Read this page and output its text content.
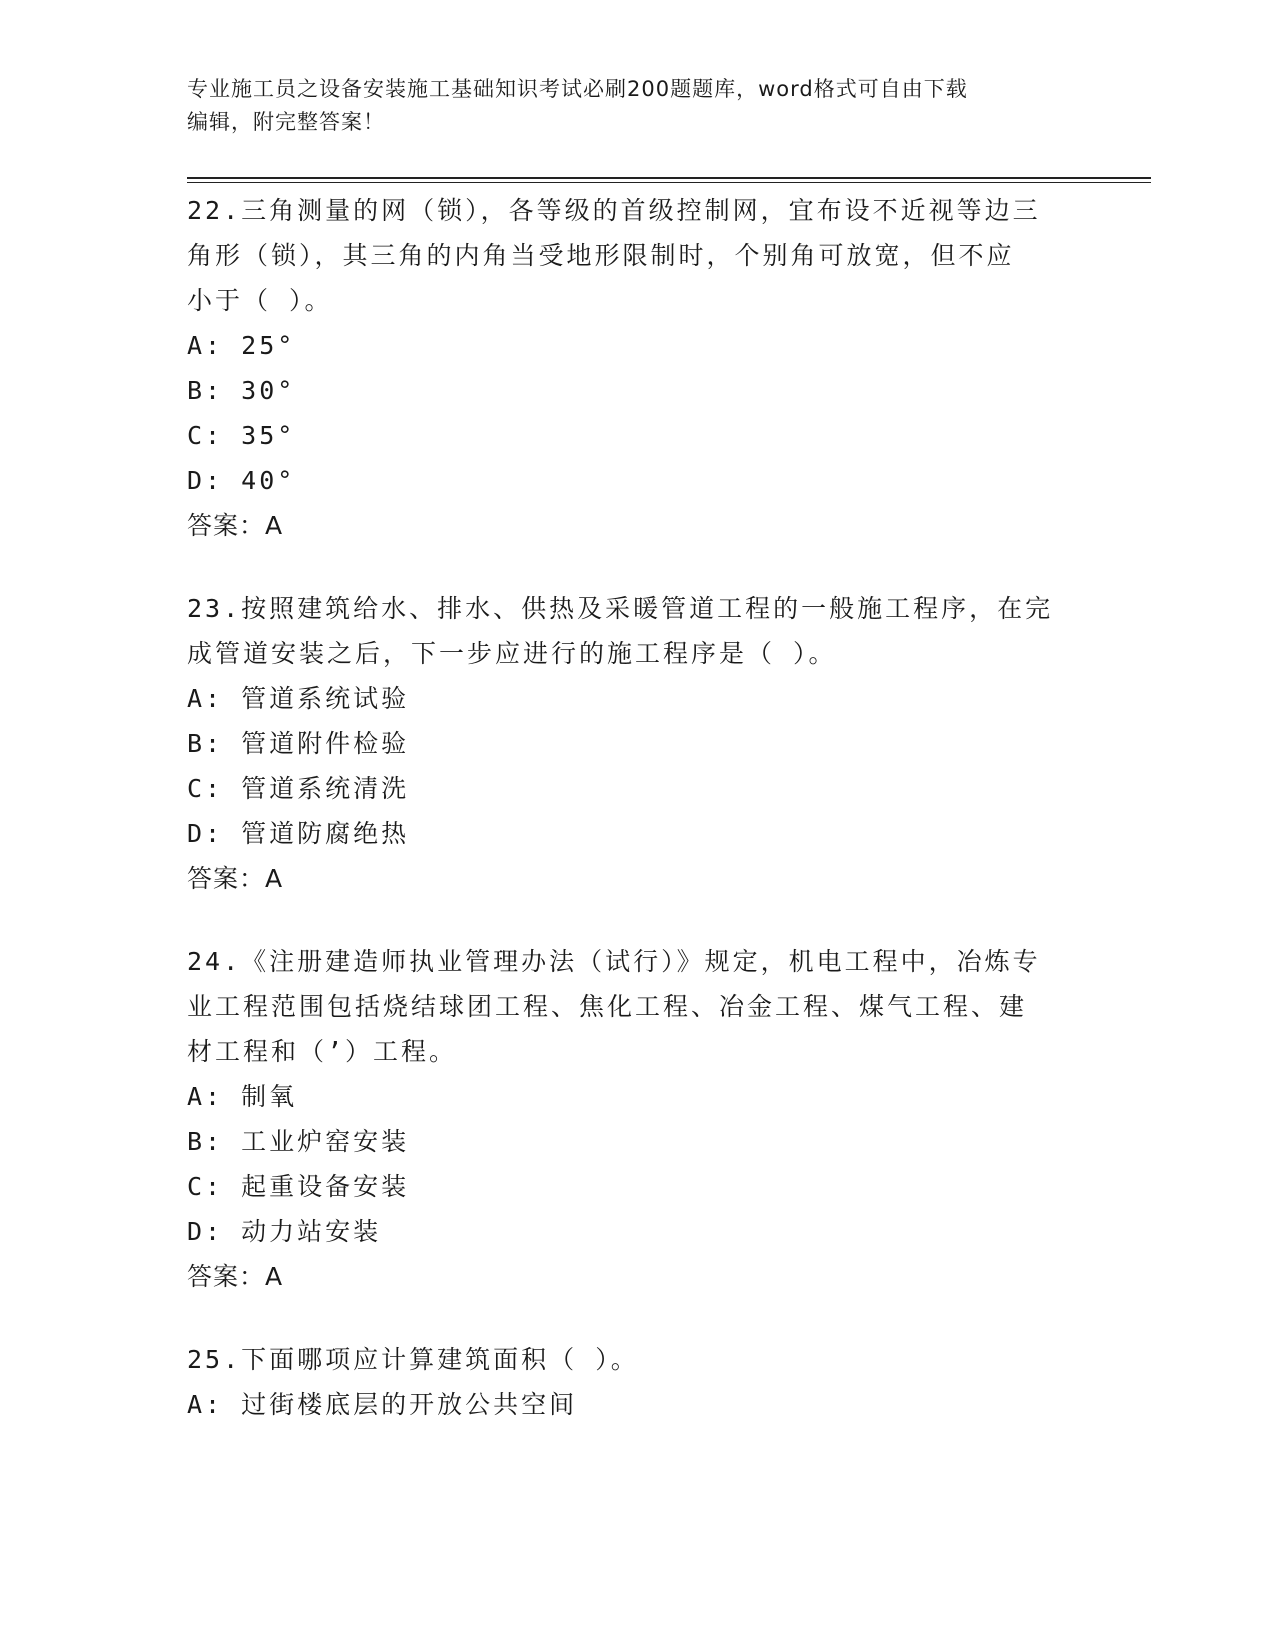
专业施工员之设备安装施工基础知识考试必刷200题题库，word格式可自由下载
编辑，附完整答案！
22.三角测量的网（锁），各等级的首级控制网，宜布设不近视等边三
角形（锁），其三角的内角当受地形限制时，个别角可放宽，但不应
小于（ ）。
A: 25°
B: 30°
C: 35°
D: 40°
答案：A
23.按照建筑给水、排水、供热及采暖管道工程的一般施工程序，在完
成管道安装之后，下一步应进行的施工程序是（ ）。
A: 管道系统试验
B: 管道附件检验
C: 管道系统清洗
D: 管道防腐绝热
答案：A
24.《注册建造师执业管理办法（试行）》规定，机电工程中，冶炼专
业工程范围包括烧结球团工程、焦化工程、冶金工程、煤气工程、建
材工程和（’）工程。
A: 制氧
B: 工业炉窑安装
C: 起重设备安装
D: 动力站安装
答案：A
25.下面哪项应计算建筑面积（ ）。
A: 过街楼底层的开放公共空间
